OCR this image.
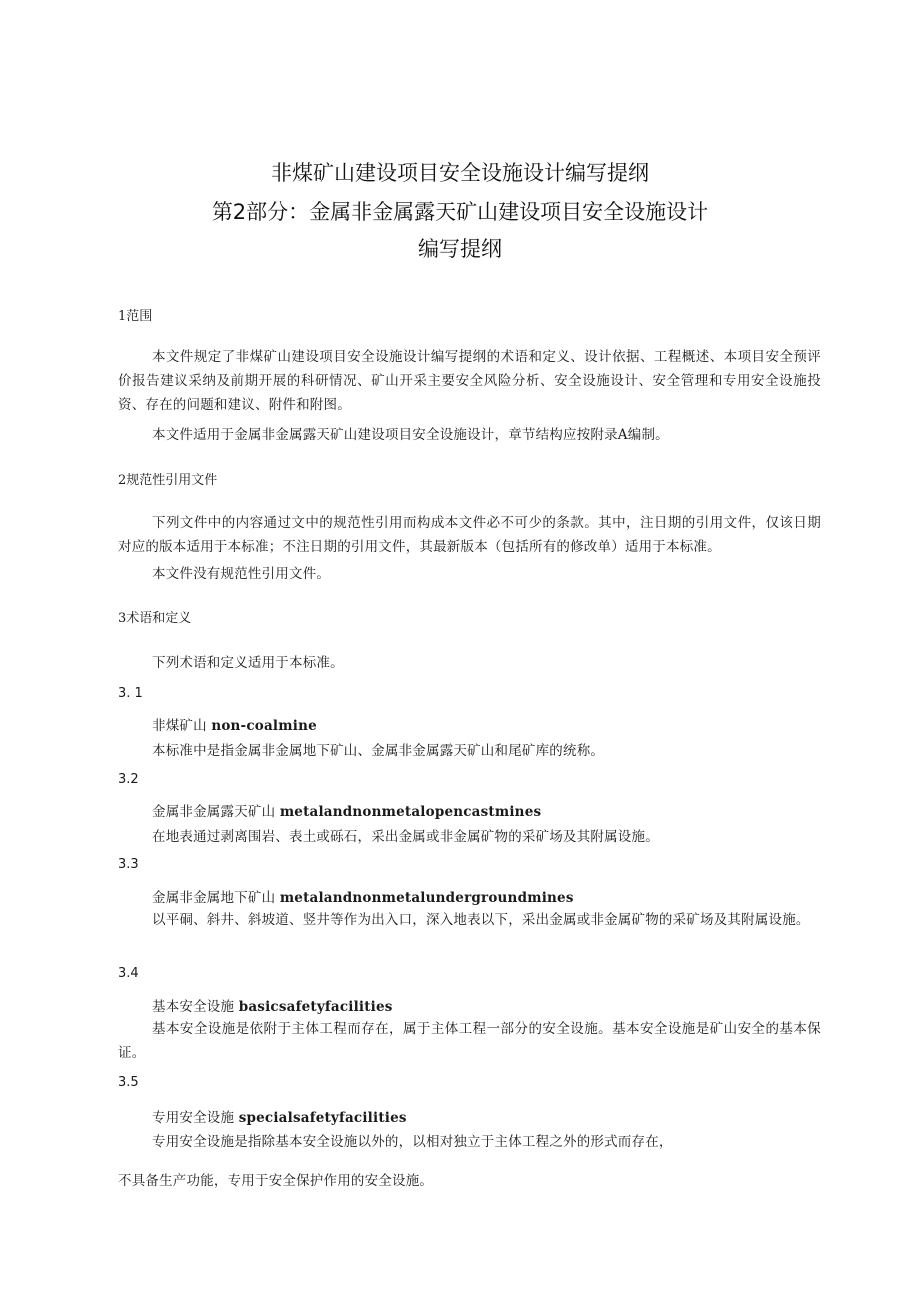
非煤矿山建设项目安全设施设计编写提纲
第2部分：金属非金属露天矿山建设项目安全设施设计
编写提纲
1范围
本文件规定了非煤矿山建设项目安全设施设计编写提纲的术语和定义、设计依据、工程概述、本项目安全预评价报告建议采纳及前期开展的科研情况、矿山开采主要安全风险分析、安全设施设计、安全管理和专用安全设施投资、存在的问题和建议、附件和附图。
本文件适用于金属非金属露天矿山建设项目安全设施设计，章节结构应按附录A编制。
2规范性引用文件
下列文件中的内容通过文中的规范性引用而构成本文件必不可少的条款。其中，注日期的引用文件，仅该日期对应的版本适用于本标准；不注日期的引用文件，其最新版本（包括所有的修改单）适用于本标准。
本文件没有规范性引用文件。
3术语和定义
下列术语和定义适用于本标准。
3. 1
非煤矿山 non-coalmine
本标准中是指金属非金属地下矿山、金属非金属露天矿山和尾矿库的统称。
3.2
金属非金属露天矿山 metalandnonmetalopencastmines
在地表通过剥离围岩、表土或砾石，采出金属或非金属矿物的采矿场及其附属设施。
3.3
金属非金属地下矿山 metalandnonmetalundergroundmines
以平硐、斜井、斜坡道、竖井等作为出入口，深入地表以下，采出金属或非金属矿物的采矿场及其附属设施。
3.4
基本安全设施 basicsafetyfacilities
基本安全设施是依附于主体工程而存在，属于主体工程一部分的安全设施。基本安全设施是矿山安全的基本保证。
3.5
专用安全设施 specialsafetyfacilities
专用安全设施是指除基本安全设施以外的，以相对独立于主体工程之外的形式而存在，
不具备生产功能，专用于安全保护作用的安全设施。
